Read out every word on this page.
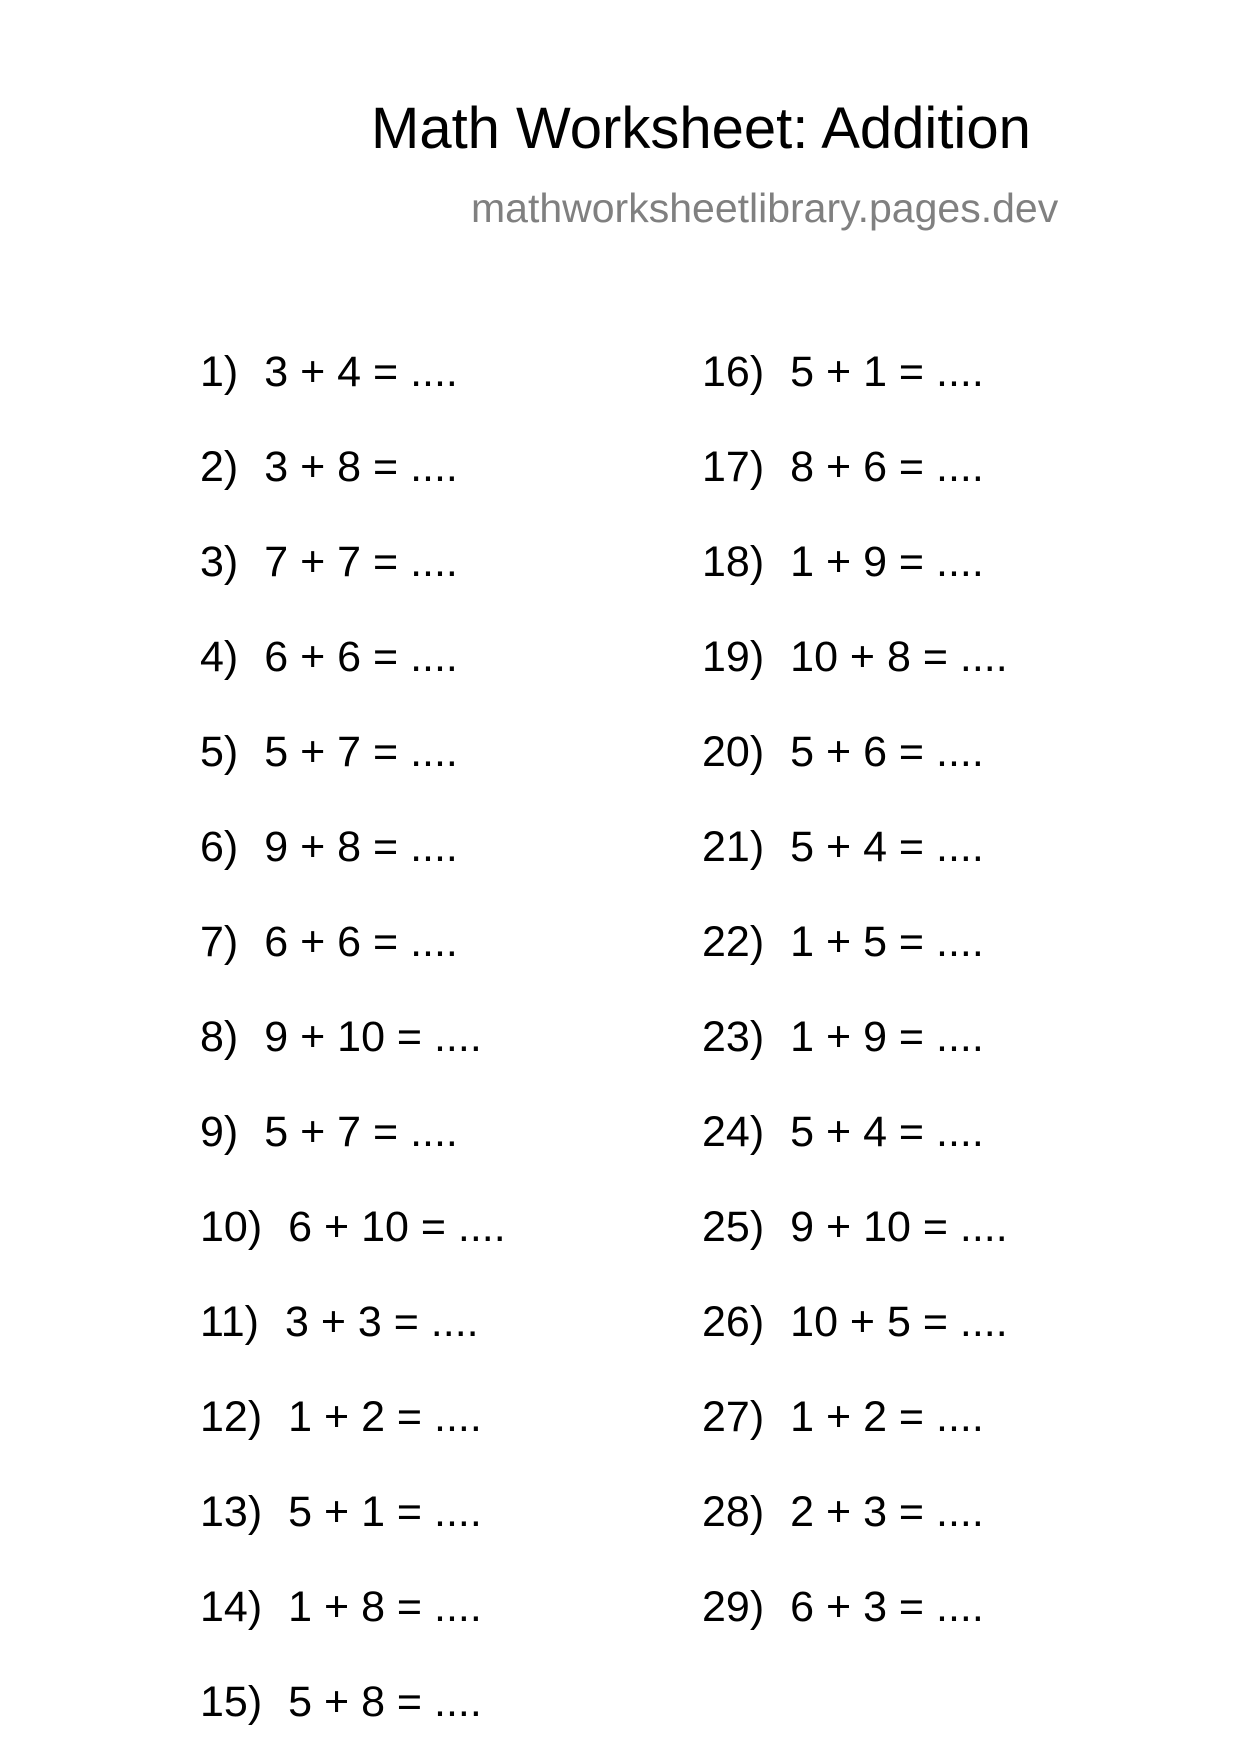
Math Worksheet: Addition
mathworksheetlibrary.pages.dev
1) 3 + 4 = ....
2) 3 + 8 = ....
3) 7 + 7 = ....
4) 6 + 6 = ....
5) 5 + 7 = ....
6) 9 + 8 = ....
7) 6 + 6 = ....
8) 9 + 10 = ....
9) 5 + 7 = ....
10) 6 + 10 = ....
11) 3 + 3 = ....
12) 1 + 2 = ....
13) 5 + 1 = ....
14) 1 + 8 = ....
15) 5 + 8 = ....
16) 5 + 1 = ....
17) 8 + 6 = ....
18) 1 + 9 = ....
19) 10 + 8 = ....
20) 5 + 6 = ....
21) 5 + 4 = ....
22) 1 + 5 = ....
23) 1 + 9 = ....
24) 5 + 4 = ....
25) 9 + 10 = ....
26) 10 + 5 = ....
27) 1 + 2 = ....
28) 2 + 3 = ....
29) 6 + 3 = ....
